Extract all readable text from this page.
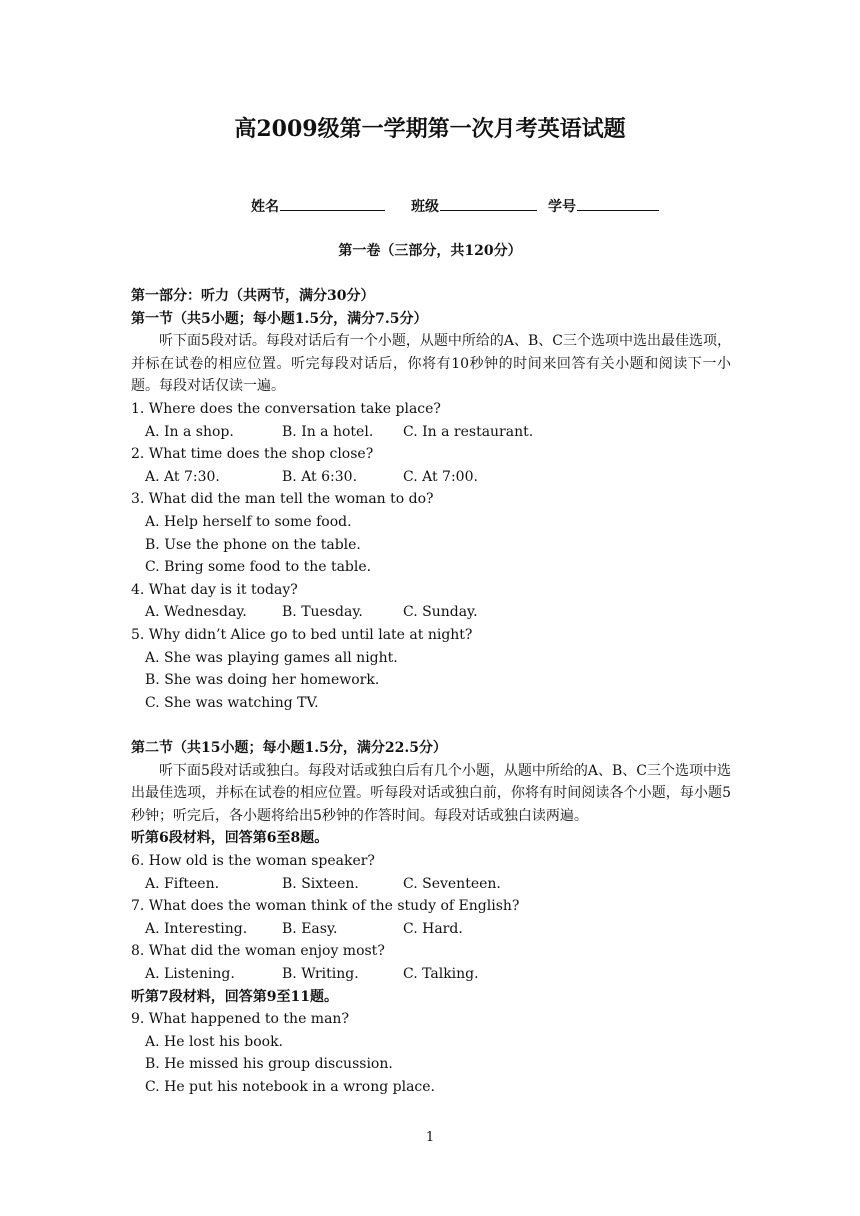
高2009级第一学期第一次月考英语试题
姓名	班级	学号
第一卷（三部分，共120分）
第一部分：听力（共两节，满分30分）
第一节（共5小题；每小题1.5分，满分7.5分）
听下面5段对话。每段对话后有一个小题，从题中所给的A、B、C三个选项中选出最佳选项，并标在试卷的相应位置。听完每段对话后，你将有10秒钟的时间来回答有关小题和阅读下一小题。每段对话仅读一遍。
1. Where does the conversation take place?
A. In a shop.	B. In a hotel. C. In a restaurant.
2. What time does the shop close?
A. At 7:30.	B. At 6:30.	C. At 7:00.
3. What did the man tell the woman to do?
A. Help herself to some food.
B. Use the phone on the table.
C. Bring some food to the table.
4. What day is it today?
A. Wednesday.	B. Tuesday.	C. Sunday.
5. Why didn’t Alice go to bed until late at night?
A. She was playing games all night.
B. She was doing her homework.
C. She was watching TV.
第二节（共15小题；每小题1.5分，满分22.5分）
听下面5段对话或独白。每段对话或独白后有几个小题，从题中所给的A、B、C三个选项中选出最佳选项，并标在试卷的相应位置。听每段对话或独白前，你将有时间阅读各个小题，每小题5秒钟；听完后，各小题将给出5秒钟的作答时间。每段对话或独白读两遍。
听第6段材料，回答第6至8题。
6. How old is the woman speaker?
A. Fifteen.	B. Sixteen.	C. Seventeen.
7. What does the woman think of the study of English?
A. Interesting. B. Easy.	C. Hard.
8. What did the woman enjoy most?
A. Listening.	B. Writing.	C. Talking.
听第7段材料，回答第9至11题。
9. What happened to the man?
A. He lost his book.
B. He missed his group discussion.
C. He put his notebook in a wrong place.
1
